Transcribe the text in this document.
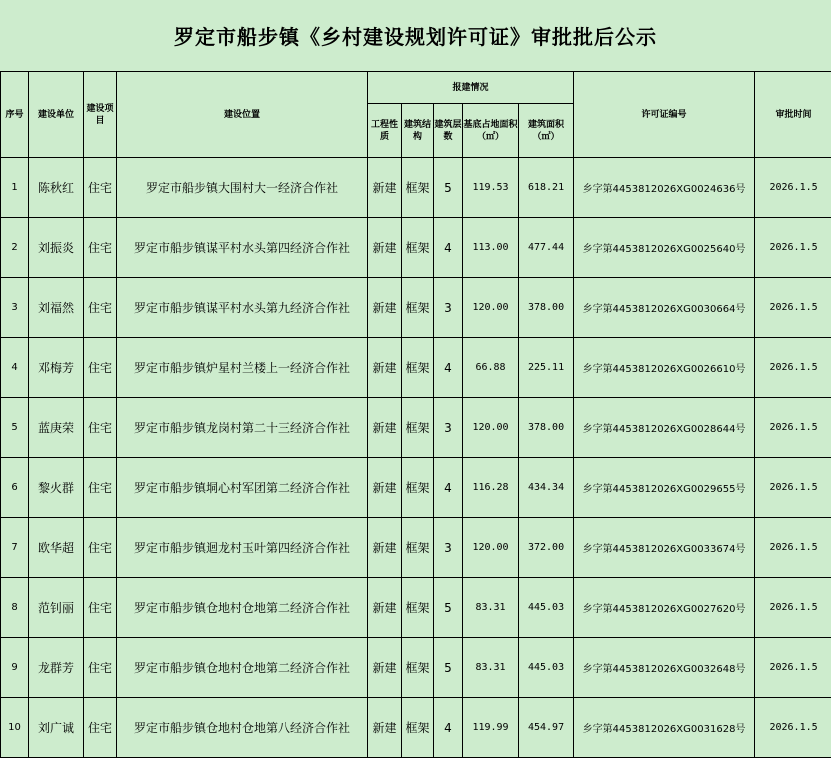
罗定市船步镇《乡村建设规划许可证》审批批后公示
序号	建设单位	建设项目	建设位置	报建情况					许可证编号	审批时间
				工程性质	建筑结构	建筑层数	基底占地面积（㎡）	建筑面积（㎡）		
1	陈秋红	住宅	罗定市船步镇大围村大一经济合作社	新建	框架	5	119.53	618.21	乡字第4453812026XG0024636号	2026.1.5
2	刘振炎	住宅	罗定市船步镇谋平村水头第四经济合作社	新建	框架	4	113.00	477.44	乡字第4453812026XG0025640号	2026.1.5
3	刘福然	住宅	罗定市船步镇谋平村水头第九经济合作社	新建	框架	3	120.00	378.00	乡字第4453812026XG0030664号	2026.1.5
4	邓梅芳	住宅	罗定市船步镇炉星村兰楼上一经济合作社	新建	框架	4	66.88	225.11	乡字第4453812026XG0026610号	2026.1.5
5	蓝庚荣	住宅	罗定市船步镇龙岗村第二十三经济合作社	新建	框架	3	120.00	378.00	乡字第4453812026XG0028644号	2026.1.5
6	黎火群	住宅	罗定市船步镇垌心村军团第二经济合作社	新建	框架	4	116.28	434.34	乡字第4453812026XG0029655号	2026.1.5
7	欧华超	住宅	罗定市船步镇迴龙村玉叶第四经济合作社	新建	框架	3	120.00	372.00	乡字第4453812026XG0033674号	2026.1.5
8	范钊丽	住宅	罗定市船步镇仓地村仓地第二经济合作社	新建	框架	5	83.31	445.03	乡字第4453812026XG0027620号	2026.1.5
9	龙群芳	住宅	罗定市船步镇仓地村仓地第二经济合作社	新建	框架	5	83.31	445.03	乡字第4453812026XG0032648号	2026.1.5
10	刘广诚	住宅	罗定市船步镇仓地村仓地第八经济合作社	新建	框架	4	119.99	454.97	乡字第4453812026XG0031628号	2026.1.5
